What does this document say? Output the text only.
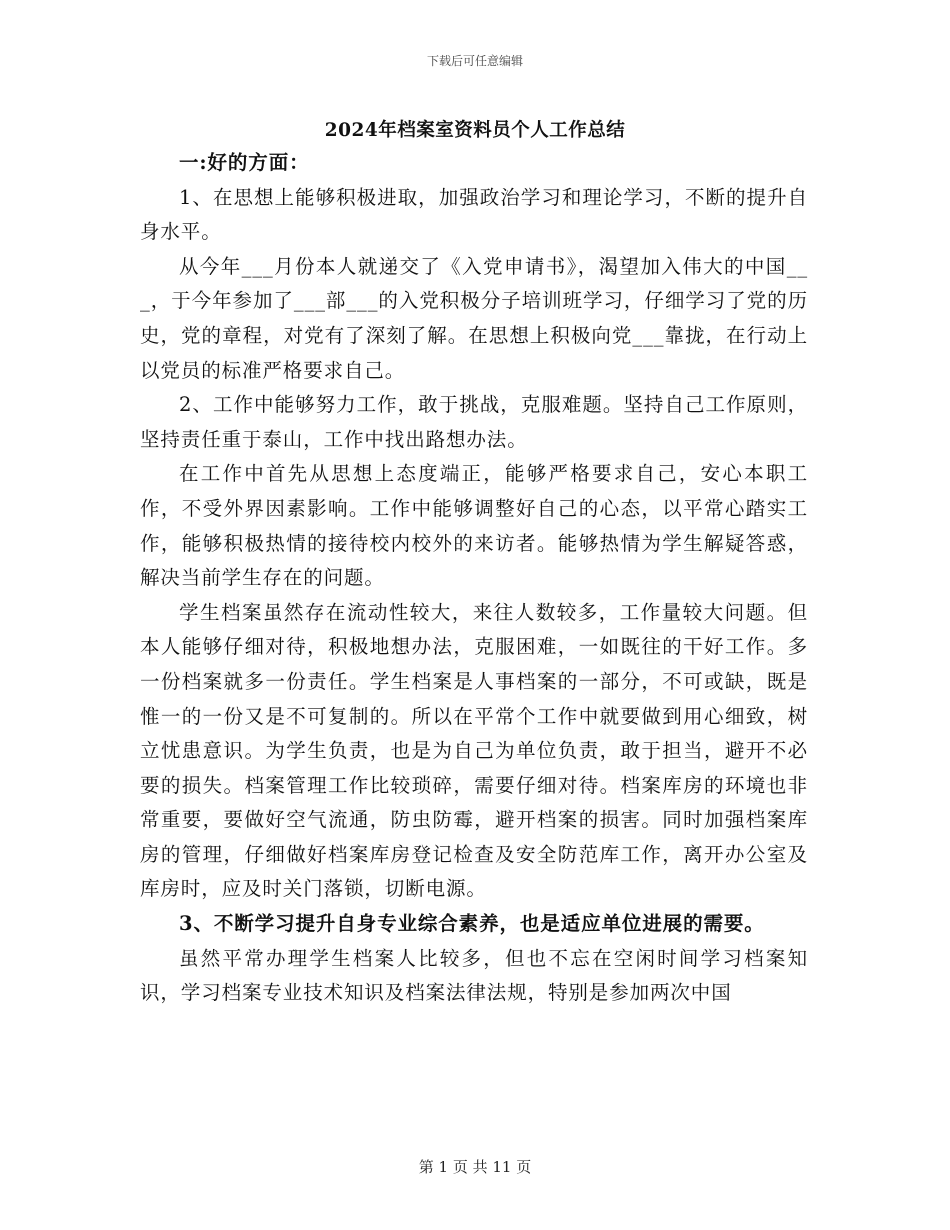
下载后可任意编辑
2024年档案室资料员个人工作总结

一:好的方面：

1、在思想上能够积极进取，加强政治学习和理论学习，不断的提升自身水平。

从今年___月份本人就递交了《入党申请书》，渴望加入伟大的中国___，于今年参加了___部___的入党积极分子培训班学习，仔细学习了党的历史，党的章程，对党有了深刻了解。在思想上积极向党___靠拢，在行动上以党员的标准严格要求自己。

2、工作中能够努力工作，敢于挑战，克服难题。坚持自己工作原则，坚持责任重于泰山，工作中找出路想办法。

在工作中首先从思想上态度端正，能够严格要求自己，安心本职工作，不受外界因素影响。工作中能够调整好自己的心态，以平常心踏实工作，能够积极热情的接待校内校外的来访者。能够热情为学生解疑答惑，解决当前学生存在的问题。

学生档案虽然存在流动性较大，来往人数较多，工作量较大问题。但本人能够仔细对待，积极地想办法，克服困难，一如既往的干好工作。多一份档案就多一份责任。学生档案是人事档案的一部分，不可或缺，既是惟一的一份又是不可复制的。所以在平常个工作中就要做到用心细致，树立忧患意识。为学生负责，也是为自己为单位负责，敢于担当，避开不必要的损失。档案管理工作比较琐碎，需要仔细对待。档案库房的环境也非常重要，要做好空气流通，防虫防霉，避开档案的损害。同时加强档案库房的管理，仔细做好档案库房登记检查及安全防范库工作，离开办公室及库房时，应及时关门落锁，切断电源。

3、不断学习提升自身专业综合素养，也是适应单位进展的需要。

虽然平常办理学生档案人比较多，但也不忘在空闲时间学习档案知识，学习档案专业技术知识及档案法律法规，特别是参加两次中国

第 1 页 共 11 页
